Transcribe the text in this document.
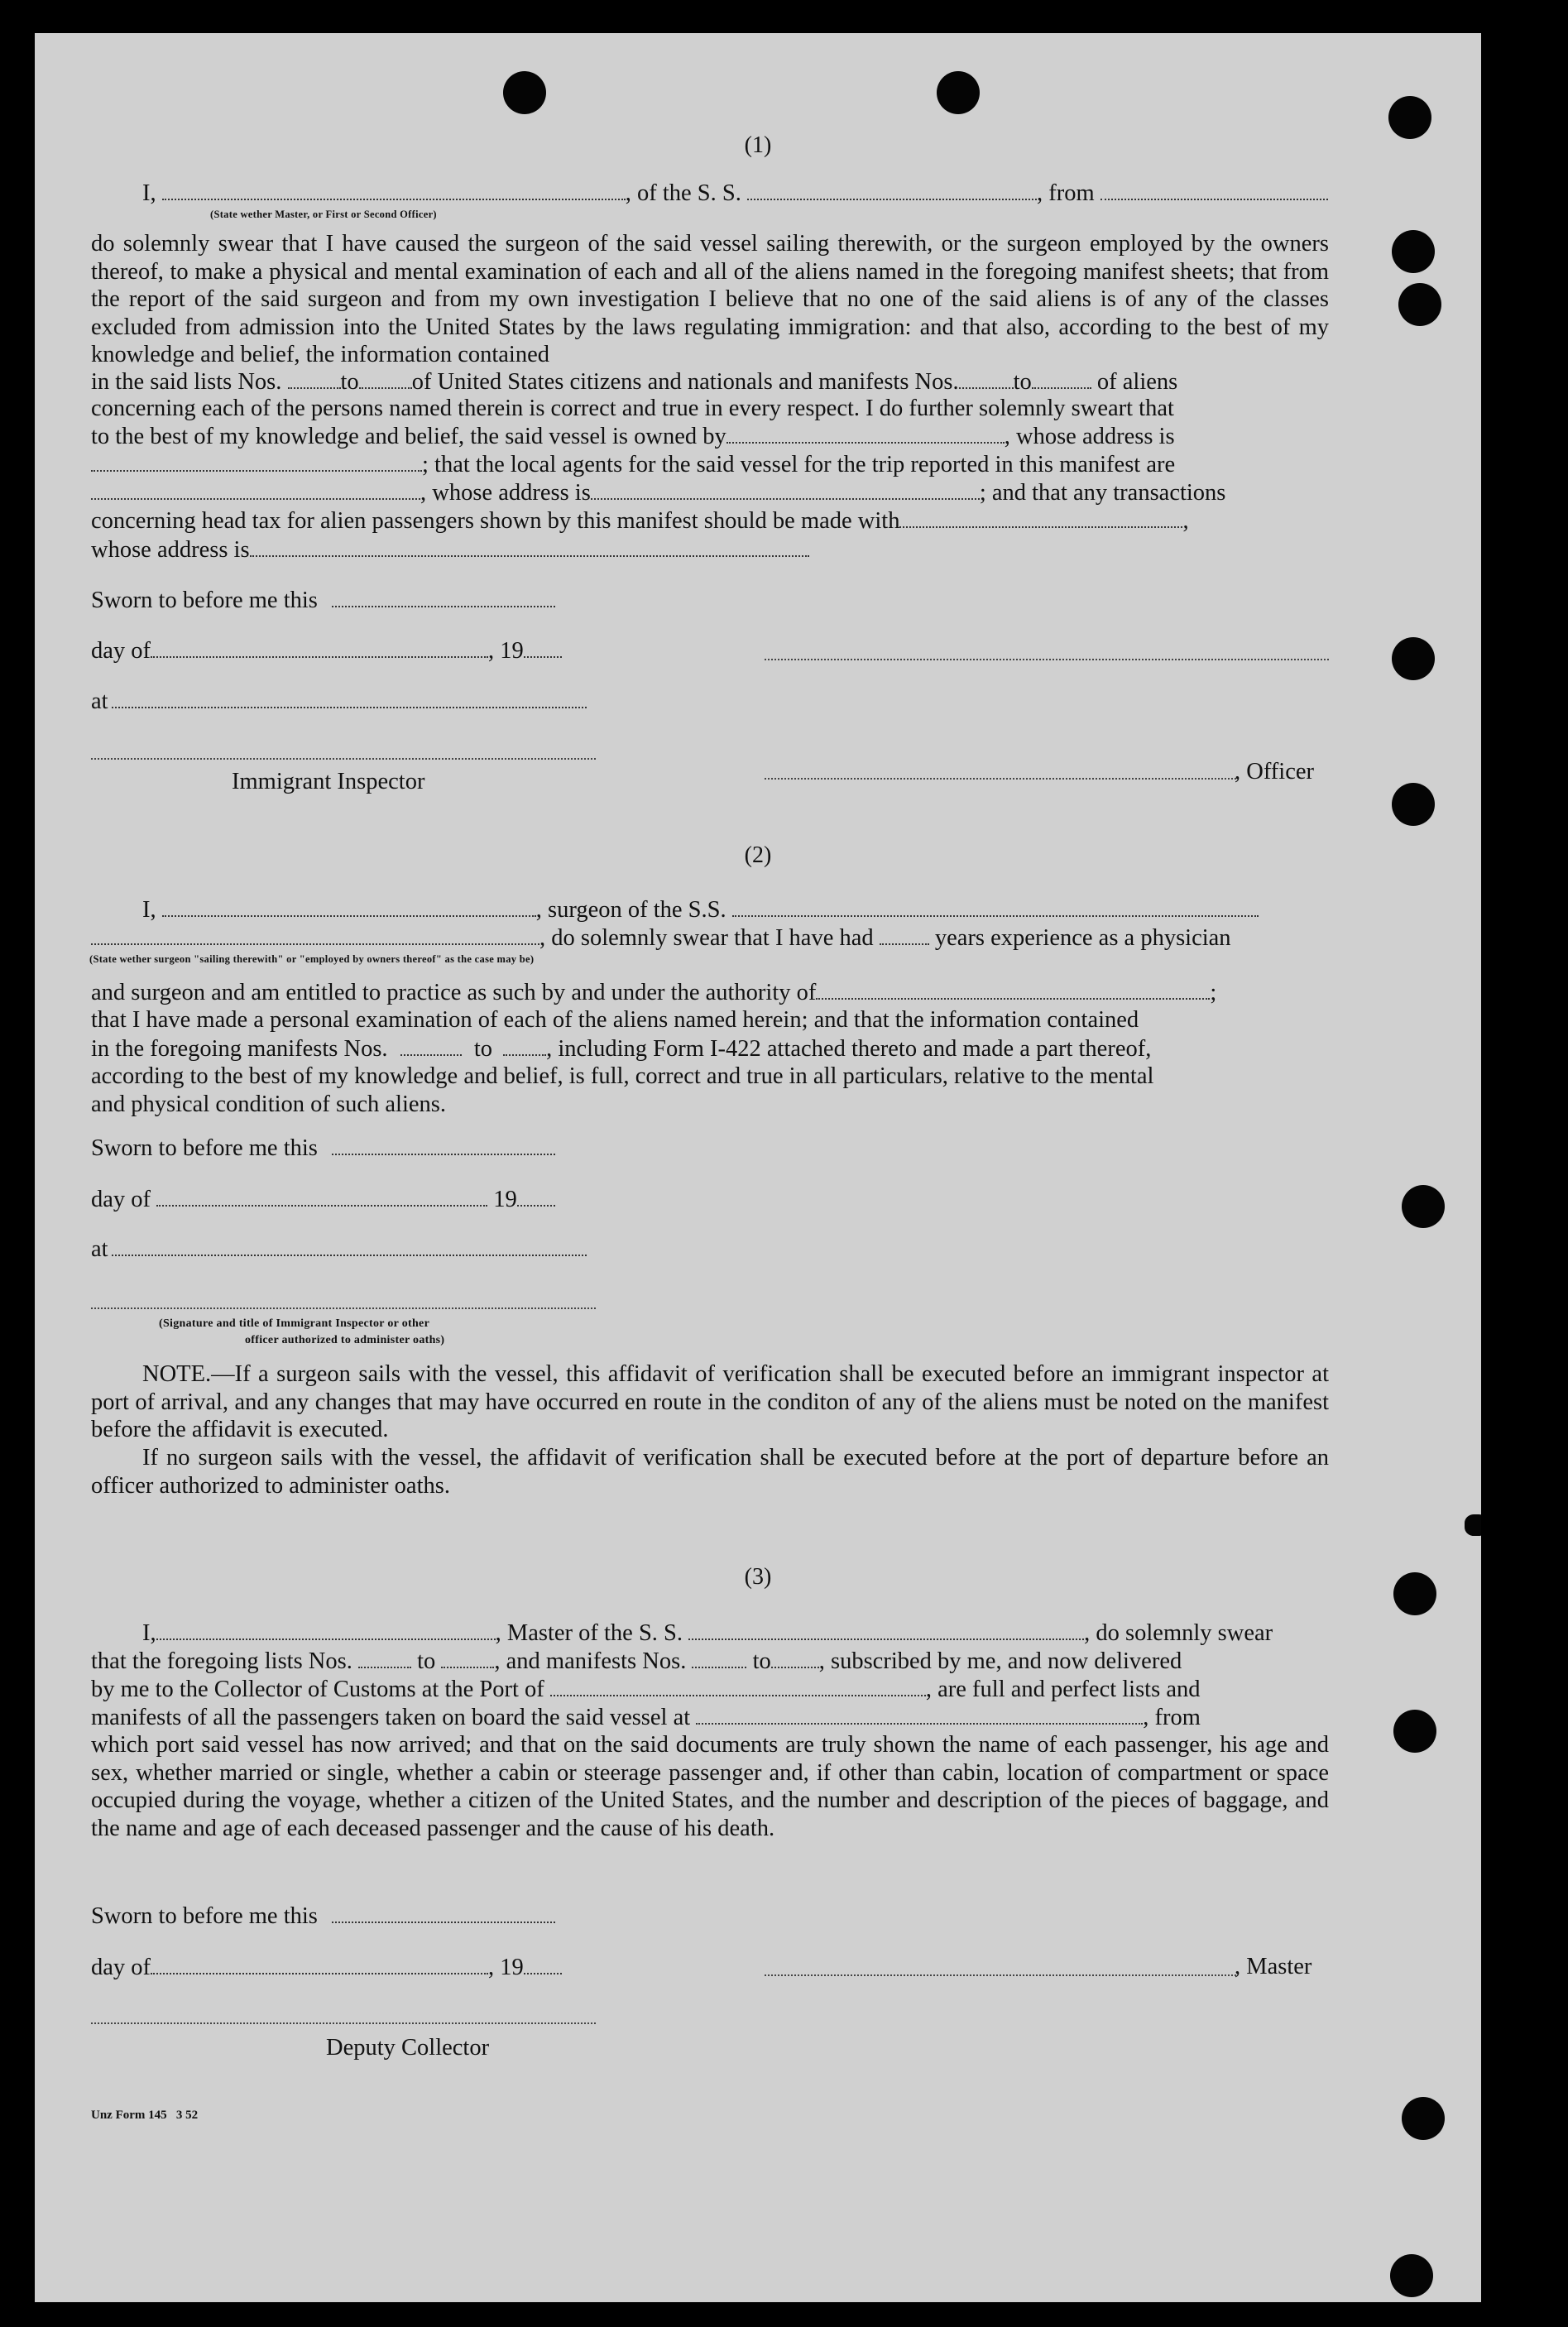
(1)
I,	, of the S. S.	, from
(State wether Master, or First or Second Officer)
do solemnly swear that I have caused the surgeon of the said vessel sailing therewith, or the surgeon employed by the owners thereof, to make a physical and mental examination of each and all of the aliens named in the foregoing manifest sheets; that from the report of the said surgeon and from my own investigation I believe that no one of the said aliens is of any of the classes excluded from admission into the United States by the laws regulating immigration: and that also, according to the best of my knowledge and belief, the information contained
in the said lists Nos. to of United States citizens and nationals and manifests Nos. to	of aliens
concerning each of the persons named therein is correct and true in every respect. I do further solemnly sweart that
to the best of my knowledge and belief, the said vessel is owned by	, whose address is
; that the local agents for the said vessel for the trip reported in this manifest are
, whose address is	; and that any transactions
concerning head tax for alien passengers shown by this manifest should be made with	,
whose address is
Sworn to before me this
day of	, 19
at
Immigrant Inspector	, Officer
(2)
I,	, surgeon of the S.S.
, do solemnly swear that I have had	years experience as a physician
(State wether surgeon "sailing therewith" or "employed by owners thereof" as the case may be)
and surgeon and am entitled to practice as such by and under the authority of	;
that I have made a personal examination of each of the aliens named herein; and that the information contained
in the foregoing manifests Nos.	to , including Form I-422 attached thereto and made a part thereof,
according to the best of my knowledge and belief, is full, correct and true in all particulars, relative to the mental
and physical condition of such aliens.
Sworn to before me this
day of	19
at
(Signature and title of Immigrant Inspector or other
officer authorized to administer oaths)
NOTE.—If a surgeon sails with the vessel, this affidavit of verification shall be executed before an immigrant inspector at port of arrival, and any changes that may have occurred en route in the conditon of any of the aliens must be noted on the manifest before the affidavit is executed.
If no surgeon sails with the vessel, the affidavit of verification shall be executed before at the port of departure before an officer authorized to administer oaths.
(3)
I,	, Master of the S. S.	, do solemnly swear
that the foregoing lists Nos.	to , and manifests Nos.	to , subscribed by me, and now delivered
by me to the Collector of Customs at the Port of	, are full and perfect lists and
manifests of all the passengers taken on board the said vessel at	, from
which port said vessel has now arrived; and that on the said documents are truly shown the name of each passenger, his age and sex, whether married or single, whether a cabin or steerage passenger and, if other than cabin, location of compartment or space occupied during the voyage, whether a citizen of the United States, and the number and description of the pieces of baggage, and the name and age of each deceased passenger and the cause of his death.
Sworn to before me this
day of	, 19	, Master
Deputy Collector
Unz Form 145   3 52
